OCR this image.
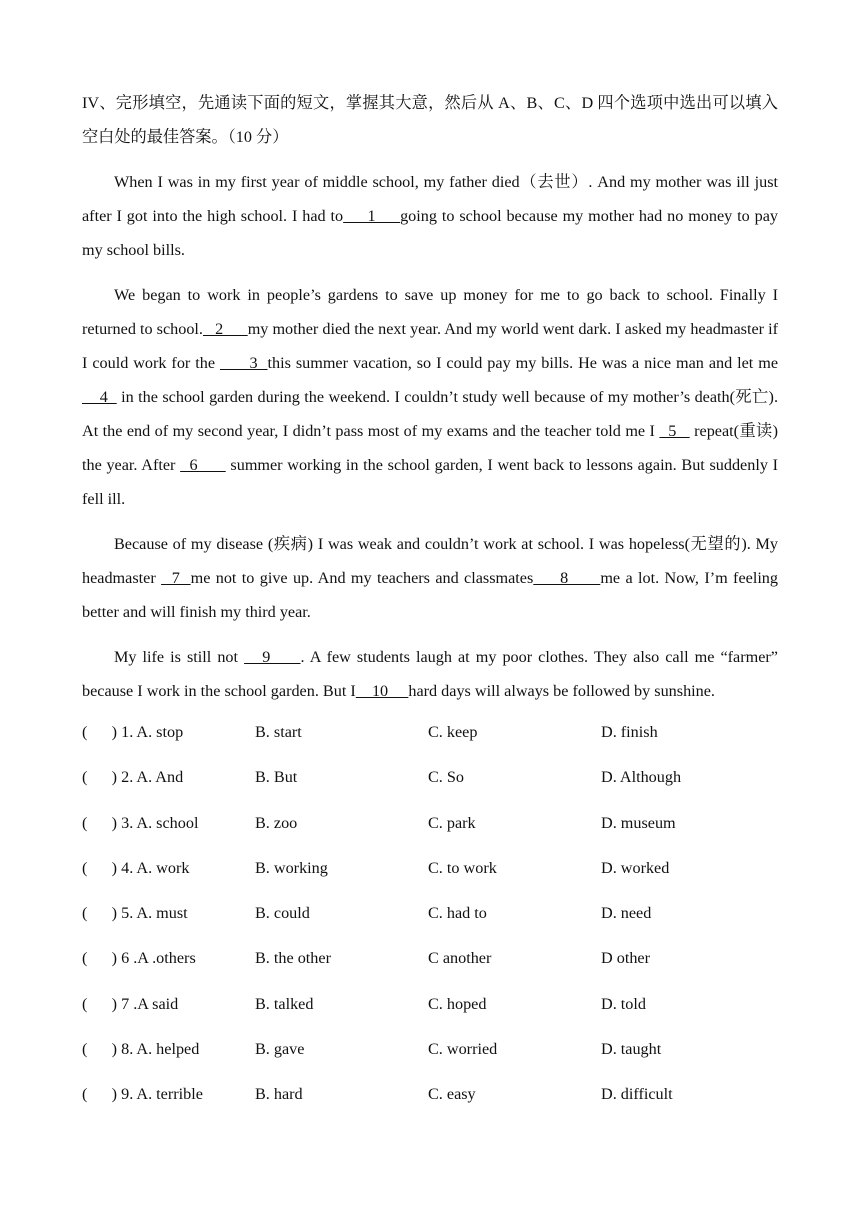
IV、完形填空，先通读下面的短文，掌握其大意，然后从 A、B、C、D 四个选项中选出可以填入空白处的最佳答案。（10 分）

When I was in my first year of middle school, my father died（去世）. And my mother was ill just after I got into the high school. I had to     1     going to school because my mother had no money to pay my school bills.

We began to work in people’s gardens to save up money for me to go back to school. Finally I returned to school.   2      my mother died the next year. And my world went dark. I asked my headmaster if I could work for the       3  this summer vacation, so I could pay my bills. He was a nice man and let me    4   in the school garden during the weekend. I couldn’t study well because of my mother’s death(死亡). At the end of my second year, I didn’t pass most of my exams and the teacher told me I   5    repeat(重读) the year. After   6       summer working in the school garden, I went back to lessons again. But suddenly I fell ill.

Because of my disease (疾病) I was weak and couldn’t work at school. I was hopeless(无望的). My headmaster   7  me not to give up. And my teachers and classmates     8      me a lot. Now, I’m feeling better and will finish my third year.

My life is still not    9     . A few students laugh at my poor clothes. They also call me “farmer” because I work in the school garden. But I    10     hard days will always be followed by sunshine.

(      ) 1. A. stop	B. start	C. keep	D. finish
(      ) 2. A. And	B. But	C. So	D. Although
(      ) 3. A. school	B. zoo	C. park	D. museum
(      ) 4. A. work	B. working	C. to work	D. worked
(      ) 5. A. must	B. could	C. had to	D. need
(      ) 6 .A .others	B. the other	C another	D other
(      ) 7 .A said	B. talked	C. hoped	D. told
(      ) 8. A. helped	B. gave	C. worried	D. taught
(      ) 9. A. terrible	B. hard	C. easy	D. difficult
